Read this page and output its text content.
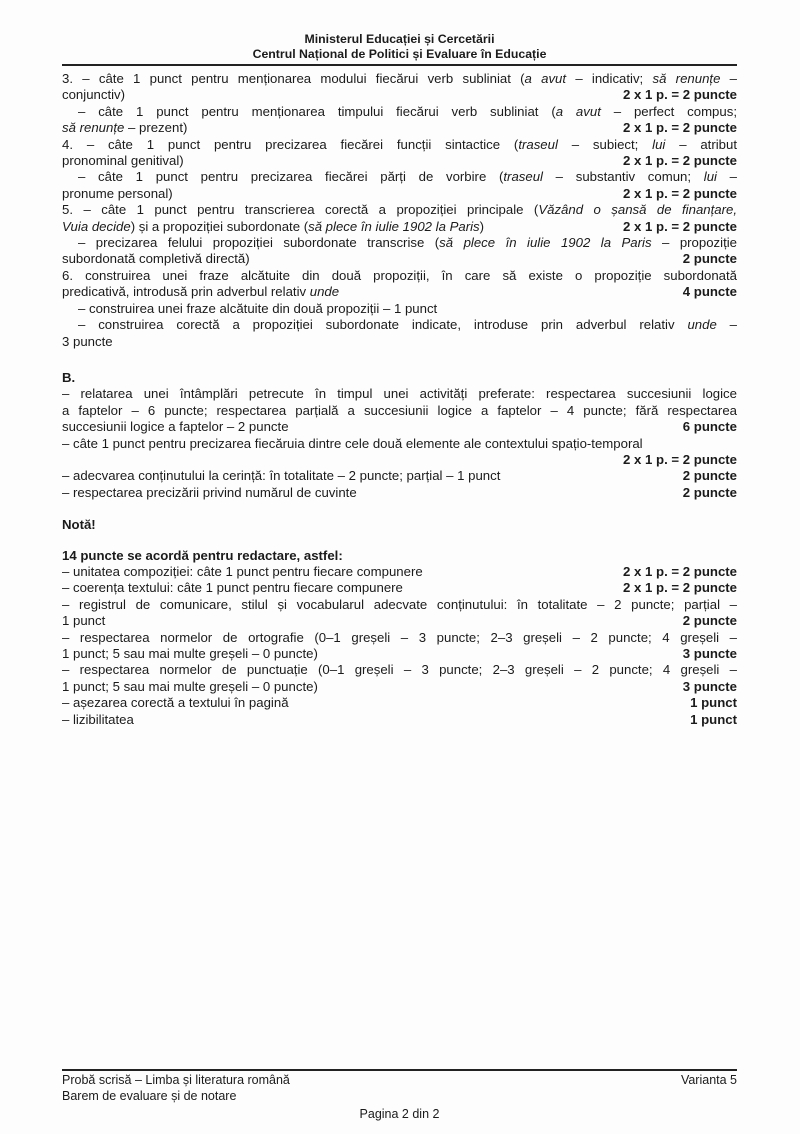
Ministerul Educației și Cercetării
Centrul Național de Politici și Evaluare în Educație
3. – câte 1 punct pentru menționarea modului fiecărui verb subliniat (a avut – indicativ; să renunțe –
conjunctiv)	2 x 1 p. = 2 puncte
– câte 1 punct pentru menționarea timpului fiecărui verb subliniat (a avut – perfect compus;
să renunțe – prezent)	2 x 1 p. = 2 puncte
4. – câte 1 punct pentru precizarea fiecărei funcții sintactice (traseul – subiect; lui – atribut
pronominal genitival)	2 x 1 p. = 2 puncte
– câte 1 punct pentru precizarea fiecărei părți de vorbire (traseul – substantiv comun; lui –
pronume personal)	2 x 1 p. = 2 puncte
5. – câte 1 punct pentru transcrierea corectă a propoziției principale (Văzând o șansă de finanțare,
Vuia decide) și a propoziției subordonate (să plece în iulie 1902 la Paris)	2 x 1 p. = 2 puncte
– precizarea felului propoziției subordonate transcrise (să plece în iulie 1902 la Paris – propoziție
subordonată completivă directă)	2 puncte
6. construirea unei fraze alcătuite din două propoziții, în care să existe o propoziție subordonată
predicativă, introdusă prin adverbul relativ unde	4 puncte
– construirea unei fraze alcătuite din două propoziții – 1 punct
– construirea corectă a propoziției subordonate indicate, introduse prin adverbul relativ unde –
3 puncte
B.
– relatarea unei întâmplări petrecute în timpul unei activități preferate: respectarea succesiunii logice
a faptelor – 6 puncte; respectarea parțială a succesiunii logice a faptelor – 4 puncte; fără respectarea
succesiunii logice a faptelor – 2 puncte	6 puncte
– câte 1 punct pentru precizarea fiecăruia dintre cele două elemente ale contextului spațio-temporal
2 x 1 p. = 2 puncte
– adecvarea conținutului la cerință: în totalitate – 2 puncte; parțial – 1 punct	2 puncte
– respectarea precizării privind numărul de cuvinte	2 puncte
Notă!
14 puncte se acordă pentru redactare, astfel:
– unitatea compoziției: câte 1 punct pentru fiecare compunere	2 x 1 p. = 2 puncte
– coerența textului: câte 1 punct pentru fiecare compunere	2 x 1 p. = 2 puncte
– registrul de comunicare, stilul și vocabularul adecvate conținutului: în totalitate – 2 puncte; parțial –
1 punct	2 puncte
– respectarea normelor de ortografie (0–1 greșeli – 3 puncte; 2–3 greșeli – 2 puncte; 4 greșeli –
1 punct; 5 sau mai multe greșeli – 0 puncte)	3 puncte
– respectarea normelor de punctuație (0–1 greșeli – 3 puncte; 2–3 greșeli – 2 puncte; 4 greșeli –
1 punct; 5 sau mai multe greșeli – 0 puncte)	3 puncte
– așezarea corectă a textului în pagină	1 punct
– lizibilitatea	1 punct
Probă scrisă – Limba și literatura română	Varianta 5
Barem de evaluare și de notare
Pagina 2 din 2
